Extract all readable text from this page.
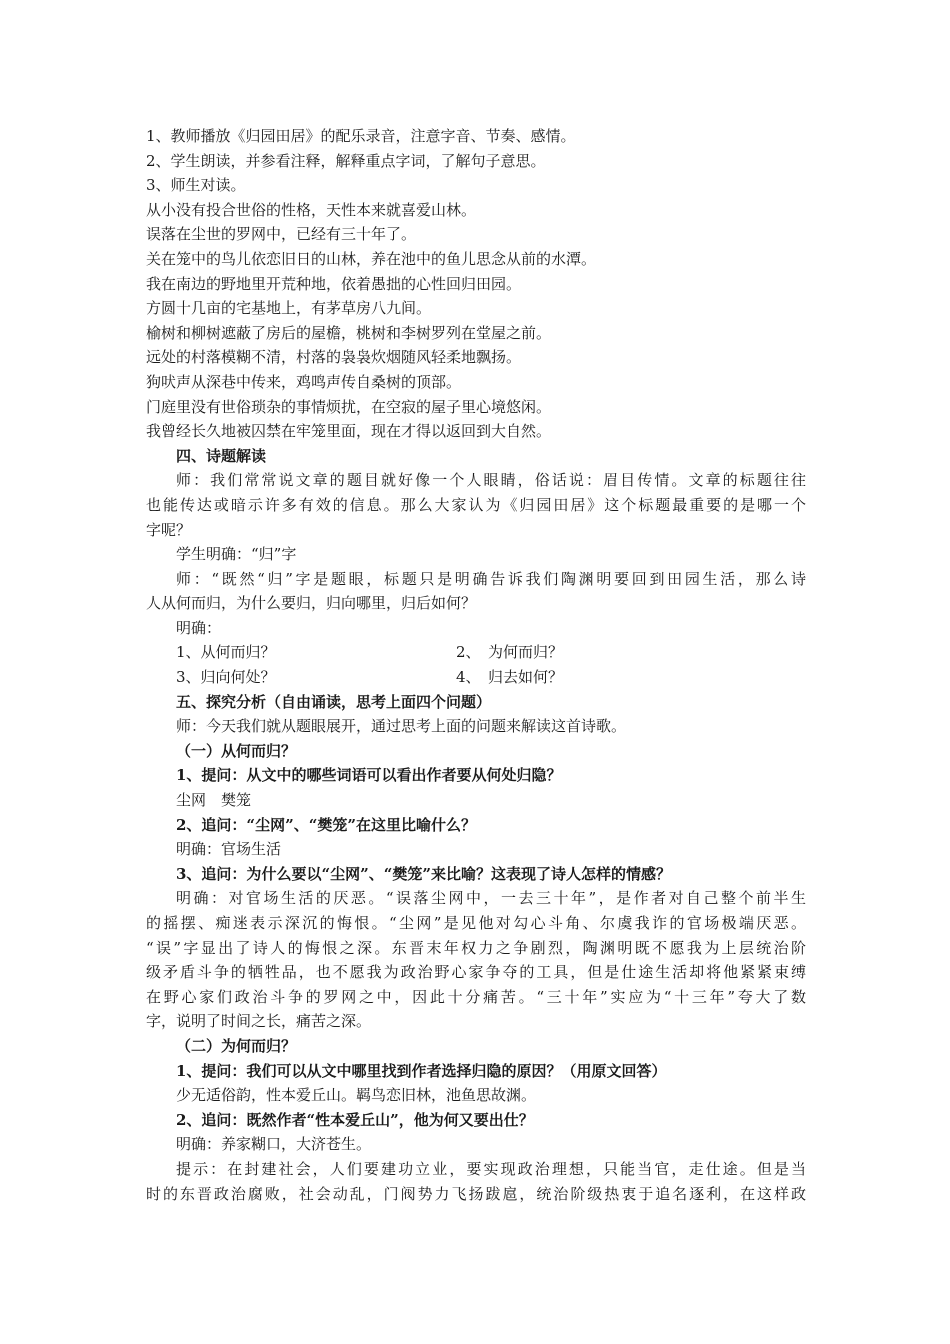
1、教师播放《归园田居》的配乐录音，注意字音、节奏、感情。
2、学生朗读，并参看注释，解释重点字词，了解句子意思。
3、师生对读。
从小没有投合世俗的性格，天性本来就喜爱山林。
误落在尘世的罗网中，已经有三十年了。
关在笼中的鸟儿依恋旧日的山林，养在池中的鱼儿思念从前的水潭。
我在南边的野地里开荒种地，依着愚拙的心性回归田园。
方圆十几亩的宅基地上，有茅草房八九间。
榆树和柳树遮蔽了房后的屋檐，桃树和李树罗列在堂屋之前。
远处的村落模糊不清，村落的袅袅炊烟随风轻柔地飘扬。
狗吠声从深巷中传来，鸡鸣声传自桑树的顶部。
门庭里没有世俗琐杂的事情烦扰，在空寂的屋子里心境悠闲。
我曾经长久地被囚禁在牢笼里面，现在才得以返回到大自然。
四、诗题解读
师：我们常常说文章的题目就好像一个人眼睛，俗话说：眉目传情。文章的标题往往
也能传达或暗示许多有效的信息。那么大家认为《归园田居》这个标题最重要的是哪一个
字呢？
学生明确：“归”字
师：“既然“归”字是题眼，标题只是明确告诉我们陶渊明要回到田园生活，那么诗
人从何而归，为什么要归，归向哪里，归后如何？
明确：
1、从何而归？	2、　为何而归？
3、归向何处？	4、　归去如何？
五、探究分析（自由诵读，思考上面四个问题）
师：今天我们就从题眼展开，通过思考上面的问题来解读这首诗歌。
（一）从何而归？
1、提问：从文中的哪些词语可以看出作者要从何处归隐？
尘网　樊笼
2、追问：“尘网”、“樊笼”在这里比喻什么？
明确：官场生活
3、追问：为什么要以“尘网”、“樊笼”来比喻？这表现了诗人怎样的情感？
明确：对官场生活的厌恶。“误落尘网中，一去三十年”，是作者对自己整个前半生
的摇摆、痴迷表示深沉的悔恨。“尘网”是见他对勾心斗角、尔虞我诈的官场极端厌恶。
“误”字显出了诗人的悔恨之深。东晋末年权力之争剧烈，陶渊明既不愿我为上层统治阶
级矛盾斗争的牺牲品，也不愿我为政治野心家争夺的工具，但是仕途生活却将他紧紧束缚
在野心家们政治斗争的罗网之中，因此十分痛苦。“三十年”实应为“十三年”夸大了数
字，说明了时间之长，痛苦之深。
（二）为何而归？
1、提问：我们可以从文中哪里找到作者选择归隐的原因？（用原文回答）
少无适俗韵，性本爱丘山。羁鸟恋旧林，池鱼思故渊。
2、追问：既然作者“性本爱丘山”，他为何又要出仕？
明确：养家糊口，大济苍生。
提示：在封建社会，人们要建功立业，要实现政治理想，只能当官，走仕途。但是当
时的东晋政治腐败，社会动乱，门阀势力飞扬跋扈，统治阶级热衷于追名逐利，在这样政
